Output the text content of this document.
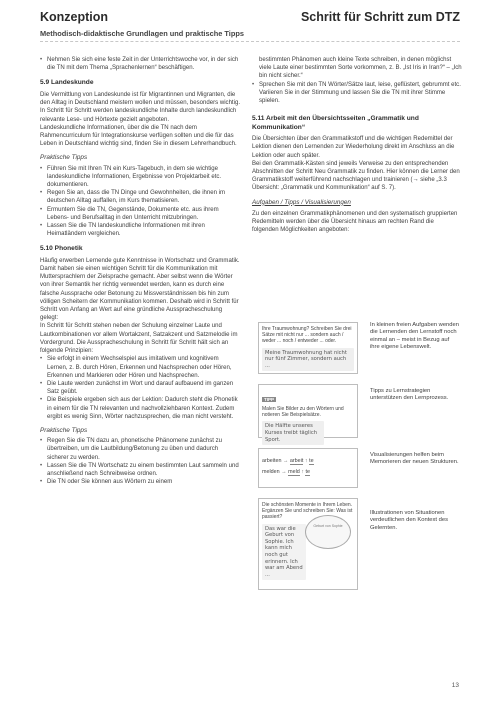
Konzeption
Methodisch-didaktische Grundlagen und praktische Tipps
Schritt für Schritt zum DTZ
• Nehmen Sie sich eine feste Zeit in der Unterrichtswoche vor, in der sich die TN mit dem Thema „Sprachenlernen“ beschäftigen.
5.9 Landeskunde

Die Vermittlung von Landeskunde ist für Migrantinnen und Migranten, die den Alltag in Deutschland meistern wollen und müssen, besonders wichtig. In Schritt für Schritt werden landeskundliche Inhalte durch landeskundlich relevante Lese- und Hörtexte gezielt angeboten.

Landeskundliche Informationen, über die die TN nach dem Rahmencurriculum für Integrationskurse verfügen sollten und die für das Leben in Deutschland wichtig sind, finden Sie in diesem Lehrerhandbuch.

Praktische Tipps
• Führen Sie mit Ihren TN ein Kurs-Tagebuch, in dem sie wichtige landeskundliche Informationen, Ergebnisse von Projektarbeit etc. dokumentieren.
• Regen Sie an, dass die TN Dinge und Gewohnheiten, die ihnen im deutschen Alltag auffallen, im Kurs thematisieren.
• Ermuntern Sie die TN, Gegenstände, Dokumente etc. aus ihrem Lebens- und Berufsalltag in den Unterricht mitzubringen.
• Lassen Sie die TN landeskundliche Informationen mit ihren Heimatländern vergleichen.
5.10 Phonetik

Häufig erwerben Lernende gute Kenntnisse in Wortschatz und Grammatik. Damit haben sie einen wichtigen Schritt für die Kommunikation mit Muttersprachlern der Zielsprache gemacht. Aber selbst wenn die Wörter von ihrer Semantik her richtig verwendet werden, kann es durch eine falsche Aussprache oder Betonung zu Missverständnissen bis hin zum völligen Scheitern der Kommunikation kommen. Deshalb wird in Schritt für Schritt von Anfang an Wert auf eine gründliche Ausspracheschulung gelegt:

In Schritt für Schritt stehen neben der Schulung einzelner Laute und Lautkombinationen vor allem Wortakzent, Satzakzent und Satzmelodie im Vordergrund. Die Ausspracheschulung in Schritt für Schritt hält sich an folgende Prinzipien:

• Sie erfolgt in einem Wechselspiel aus imitativem und kognitivem Lernen, z. B. durch Hören, Erkennen und Nachsprechen oder Hören, Erkennen und Markieren oder Hören und Nachsprechen.
• Die Laute werden zunächst im Wort und darauf aufbauend im ganzen Satz geübt.
• Die Beispiele ergeben sich aus der Lektion: Dadurch steht die Phonetik in einem für die TN relevanten und nachvollziehbaren Kontext. Zudem ergibt es wenig Sinn, Wörter nachzusprechen, die man nicht versteht.
Praktische Tipps
• Regen Sie die TN dazu an, phonetische Phänomene zunächst zu übertreiben, um die Lautbildung/Betonung zu üben und dadurch sicherer zu werden.
• Lassen Sie die TN Wortschatz zu einem bestimmten Laut sammeln und anschließend nach Schreibweise ordnen.
• Die TN oder Sie können aus Wörtern zu einem

bestimmten Phänomen auch kleine Texte schreiben, in denen möglichst viele Laute einer bestimmten Sorte vorkommen, z. B. „Ist Iris in Iran?“ – „Ich bin nicht sicher.“

• Sprechen Sie mit den TN Wörter/Sätze laut, leise, geflüstert, gebrummt etc. Variieren Sie in der Stimmung und lassen Sie die TN mit ihrer Stimme spielen.
5.11 Arbeit mit den Übersichtsseiten „Grammatik und Kommunikation“

Die Übersichten über den Grammatikstoff und die wichtigen Redemittel der Lektion dienen den Lernenden zur Wiederholung direkt im Anschluss an die Lektion oder auch später.

Bei den Grammatik-Kästen sind jeweils Verweise zu den entsprechenden Abschnitten der Schritt Neu Grammatik zu finden. Hier können die Lerner den Grammatikstoff weiterführend nachschlagen und trainieren (→ siehe „3.3 Übersicht: „Grammatik und Kommunikation“ auf S. 7).

Aufgaben / Tipps / Visualisierungen

Zu den einzelnen Grammatikphänomenen und den systematisch gruppierten Redemitteln werden über die Übersicht hinaus am rechten Rand die folgenden Möglichkeiten angeboten:

Ihre Traumwohnung? Schreiben Sie drei Sätze mit nicht nur ... sondern auch / weder ... noch / entweder ... oder.
Meine Traumwohnung hat nicht nur fünf Zimmer, sondern auch ...
In kleinen freien Aufgaben wenden die Lernenden den Lernstoff noch einmal an – meist in Bezug auf ihre eigene Lebenswelt.
TIPP
Malen Sie Bilder zu den Wörtern und notieren Sie Beispielsätze.
Die Hälfte unseres Kurses treibt täglich Sport.
Tipps zu Lernstrategien unterstützen den Lernprozess.
arbeiten → arbeit ↑ te
melden → meld ↑ te
Visualisierungen helfen beim Memorieren der neuen Strukturen.
Die schönsten Momente in Ihrem Leben. Ergänzen Sie und schreiben Sie: Was ist passiert?
Das war die Geburt von Sophie. Ich kann mich noch gut erinnern. Ich war am Abend ...
Geburt von Sophie
Illustrationen von Situationen verdeutlichen den Kontext des Gelernten.
13
